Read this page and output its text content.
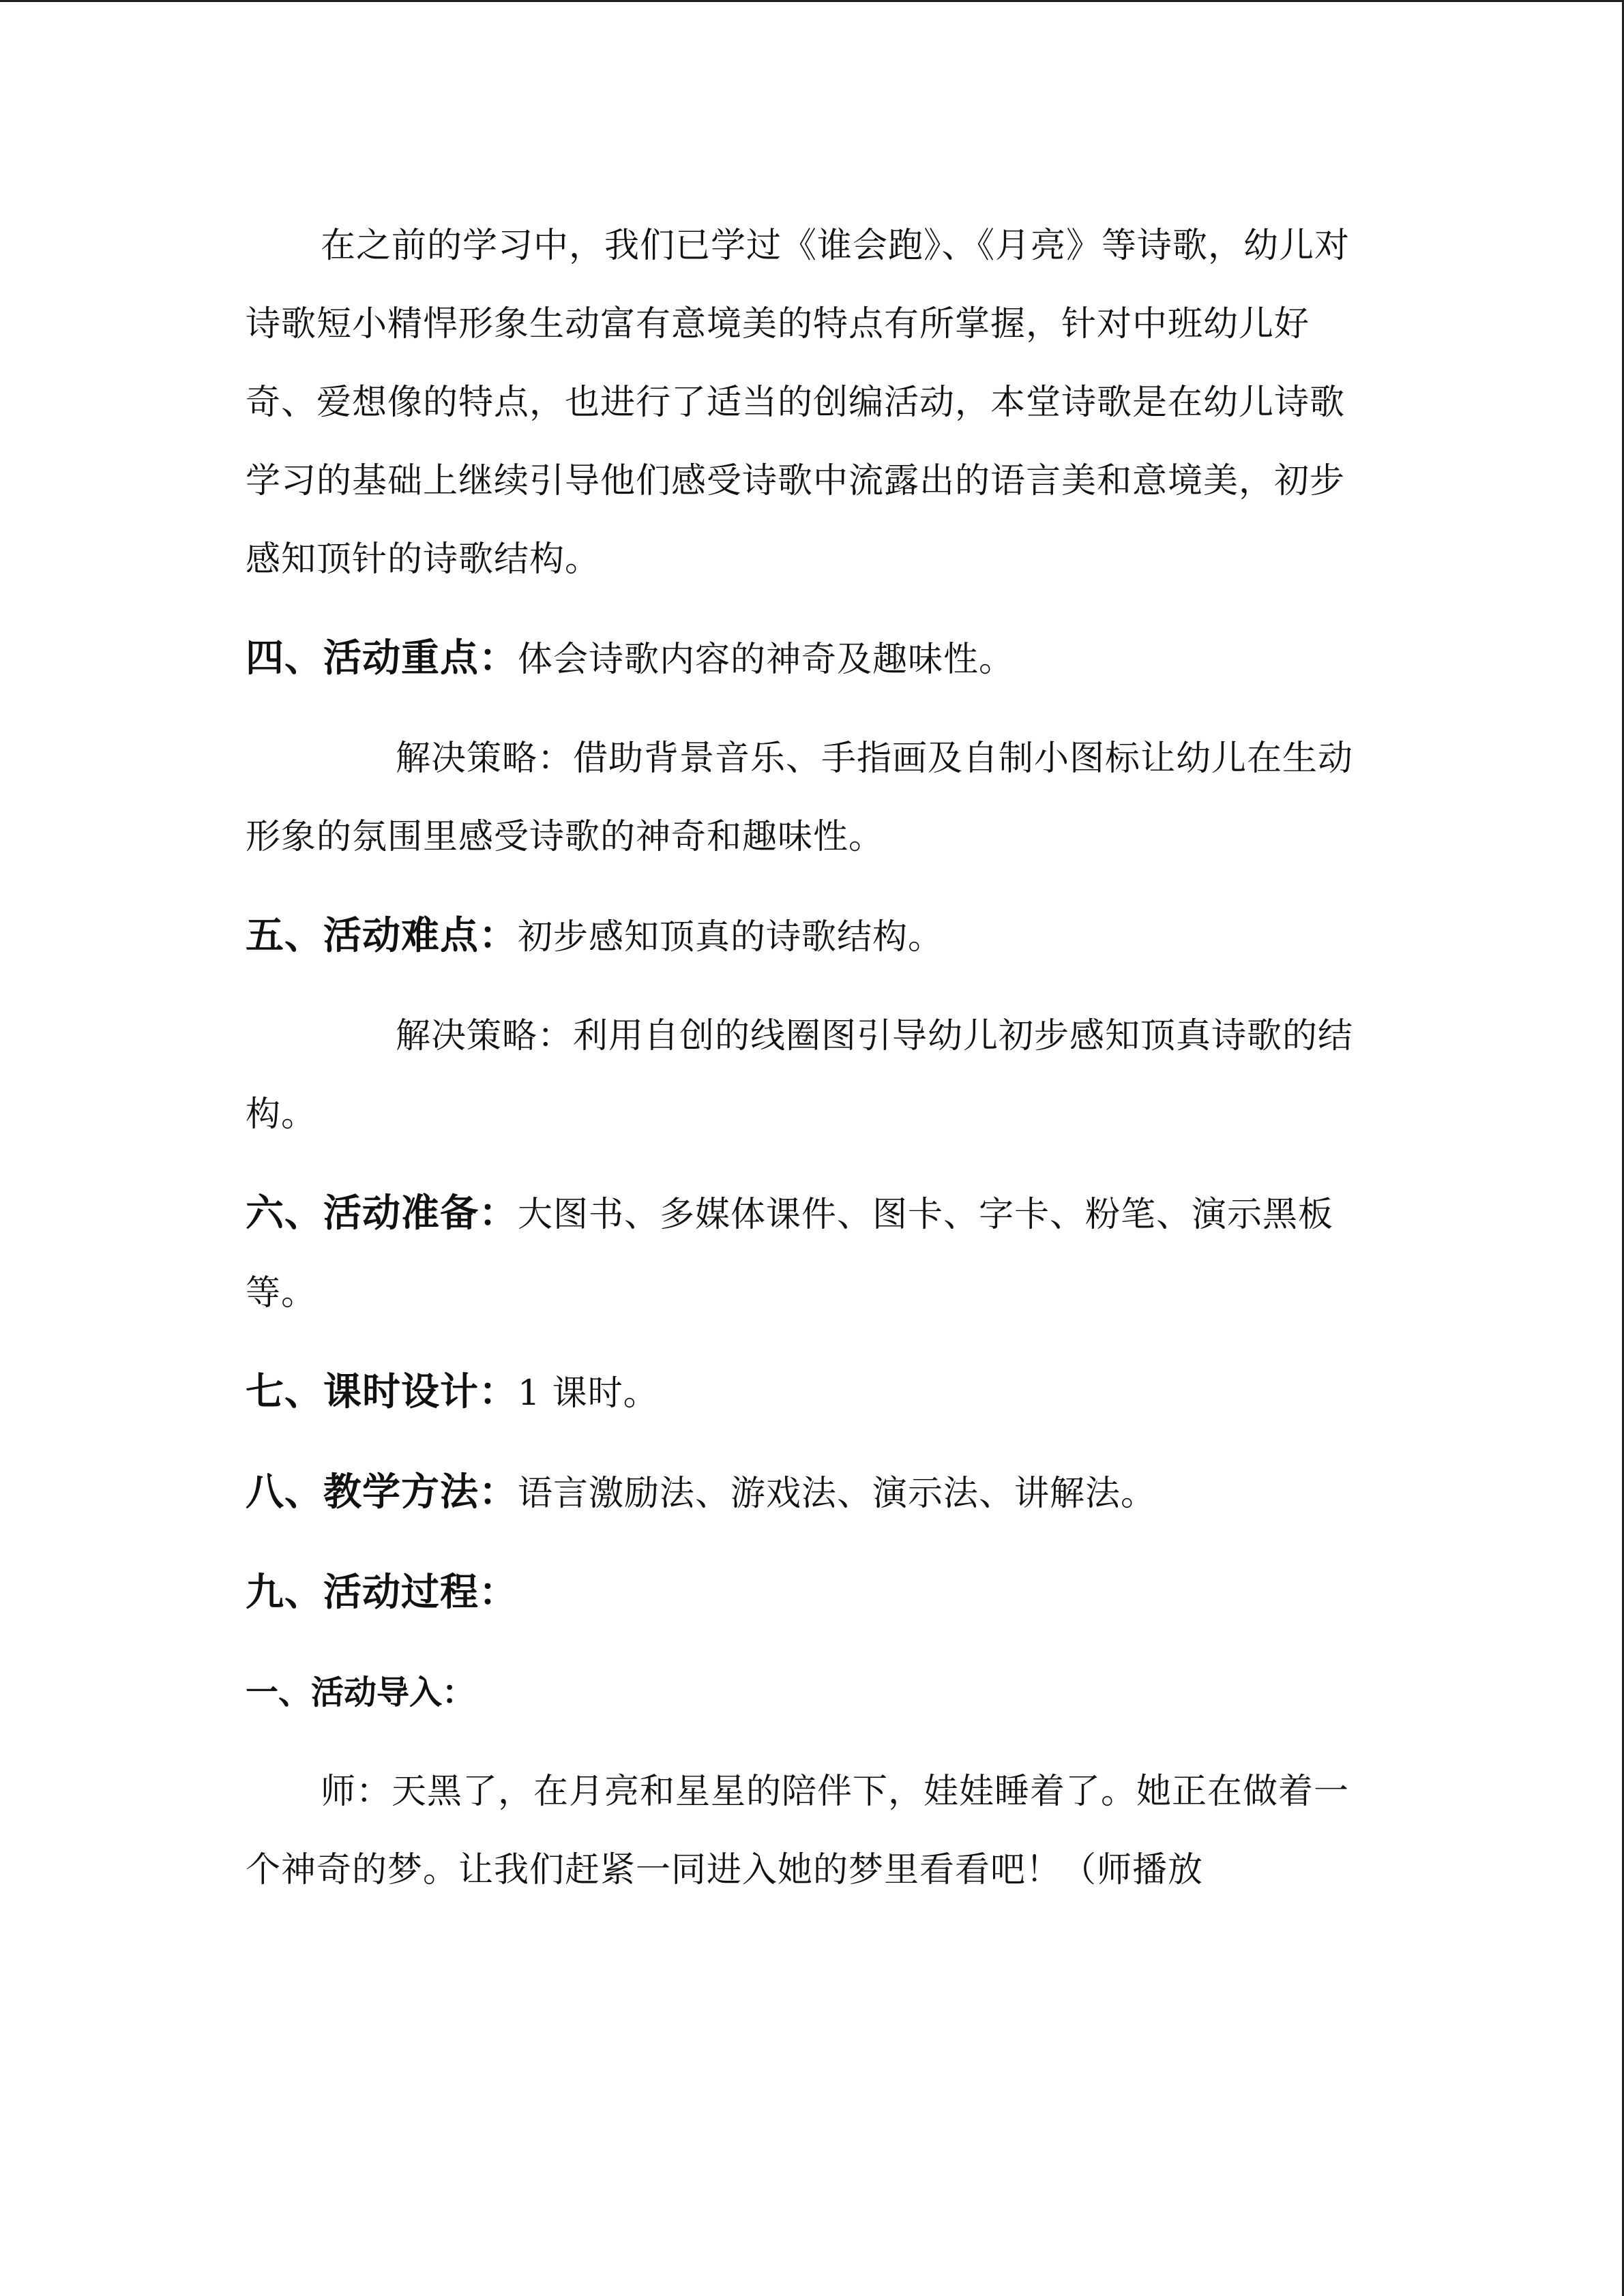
在之前的学习中，我们已学过《谁会跑》、《月亮》等诗歌，幼儿对诗歌短小精悍形象生动富有意境美的特点有所掌握，针对中班幼儿好奇、爱想像的特点，也进行了适当的创编活动，本堂诗歌是在幼儿诗歌学习的基础上继续引导他们感受诗歌中流露出的语言美和意境美，初步感知顶针的诗歌结构。

四、活动重点：体会诗歌内容的神奇及趣味性。

解决策略：借助背景音乐、手指画及自制小图标让幼儿在生动形象的氛围里感受诗歌的神奇和趣味性。

五、活动难点：初步感知顶真的诗歌结构。

解决策略：利用自创的线圈图引导幼儿初步感知顶真诗歌的结构。

六、活动准备：大图书、多媒体课件、图卡、字卡、粉笔、演示黑板等。
七、课时设计：1 课时。
八、教学方法：语言激励法、游戏法、演示法、讲解法。
九、活动过程：
一、活动导入：

师：天黑了，在月亮和星星的陪伴下，娃娃睡着了。她正在做着一个神奇的梦。让我们赶紧一同进入她的梦里看看吧！（师播放
